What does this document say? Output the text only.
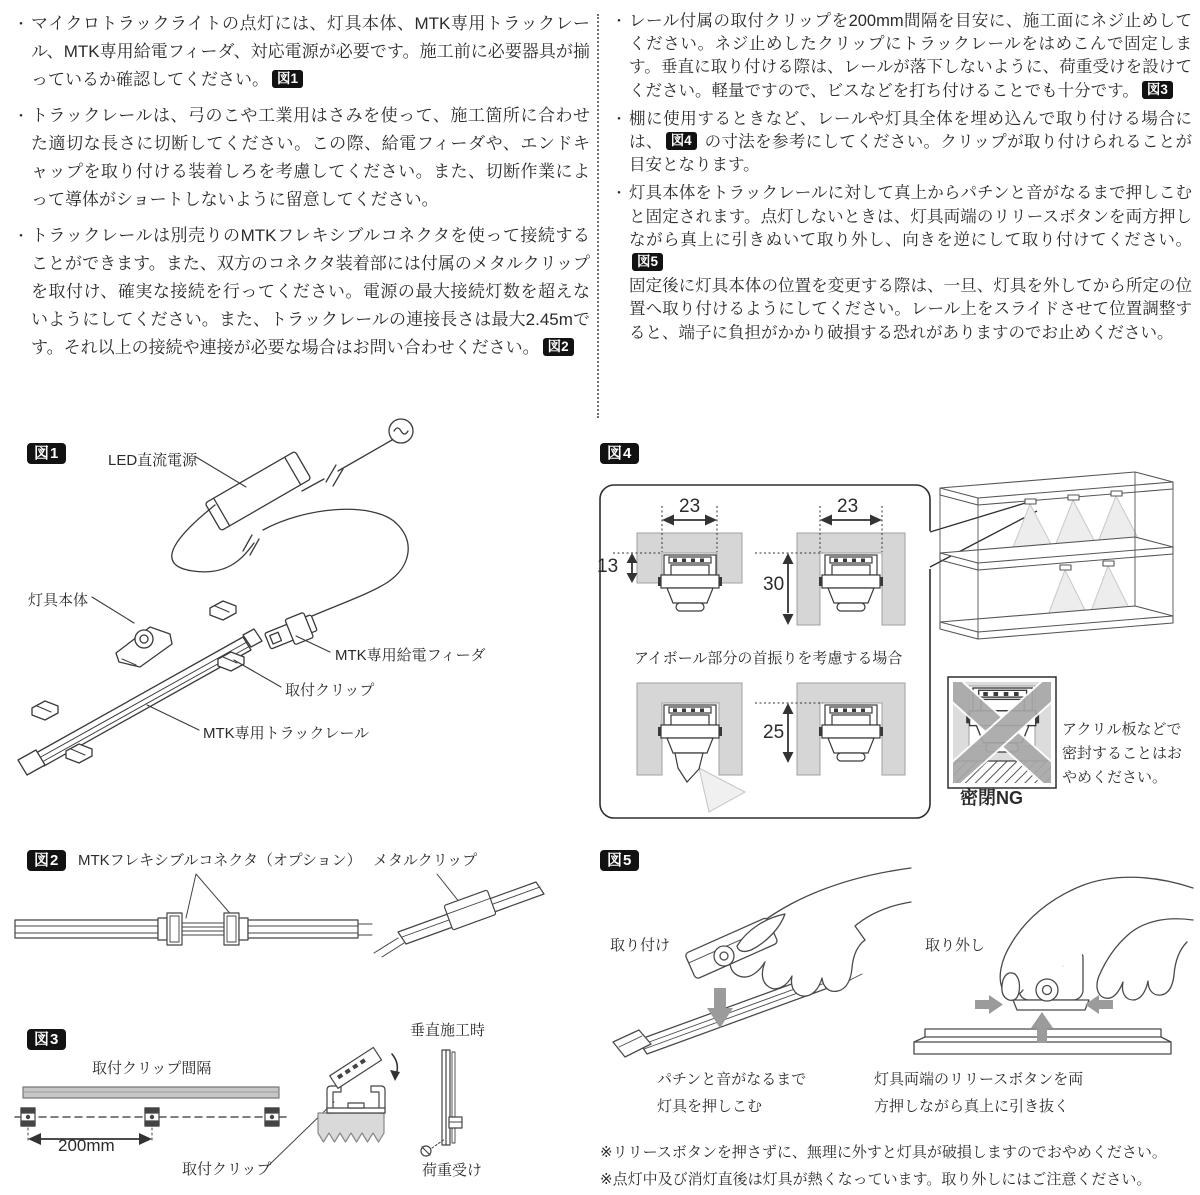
・ マイクロトラックライトの点灯には、灯具本体、MTK専用トラックレール、MTK専用給電フィーダ、対応電源が必要です。施工前に必要器具が揃っているか確認してください。 図1

・ トラックレールは、弓のこや工業用はさみを使って、施工箇所に合わせた適切な長さに切断してください。この際、給電フィーダや、エンドキャップを取り付ける装着しろを考慮してください。また、切断作業によって導体がショートしないように留意してください。

・ トラックレールは別売りのMTKフレキシブルコネクタを使って接続することができます。また、双方のコネクタ装着部には付属のメタルクリップを取付け、確実な接続を行ってください。電源の最大接続灯数を超えないようにしてください。また、トラックレールの連接長さは最大2.45mです。それ以上の接続や連接が必要な場合はお問い合わせください。 図2

・ レール付属の取付クリップを200mm間隔を目安に、施工面にネジ止めしてください。ネジ止めしたクリップにトラックレールをはめこんで固定します。垂直に取り付ける際は、レールが落下しないように、荷重受けを設けてください。軽量ですので、ビスなどを打ち付けることでも十分です。 図3

・ 棚に使用するときなど、レールや灯具全体を埋め込んで取り付ける場合には、 図4 の寸法を参考にしてください。クリップが取り付けられることが目安となります。

・ 灯具本体をトラックレールに対して真上からパチンと音がなるまで押しこむと固定されます。点灯しないときは、灯具両端のリリースボタンを両方押しながら真上に引きぬいて取り外し、向きを逆にして取り付けてください。図5
固定後に灯具本体の位置を変更する際は、一旦、灯具を外してから所定の位置へ取り付けるようにしてください。レール上をスライドさせて位置調整すると、端子に負担がかかり破損する恐れがありますのでお止めください。

図1	LED直流電源
灯具本体
MTK専用給電フィーダ
取付クリップ
MTK専用トラックレール
図2	MTKフレキシブルコネクタ（オプション） メタルクリップ
図3
取付クリップ間隔
200mm
取付クリップ
垂直施工時
荷重受け
図4
23	23
13
30
25
アイボール部分の首振りを考慮する場合
密閉NG
アクリル板などで密封することはおやめください。
図5
取り付け	取り外し
パチンと音がなるまで灯具を押しこむ
灯具両端のリリースボタンを両方押しながら真上に引き抜く
※リリースボタンを押さずに、無理に外すと灯具が破損しますのでおやめください。
※点灯中及び消灯直後は灯具が熱くなっています。取り外しにはご注意ください。
